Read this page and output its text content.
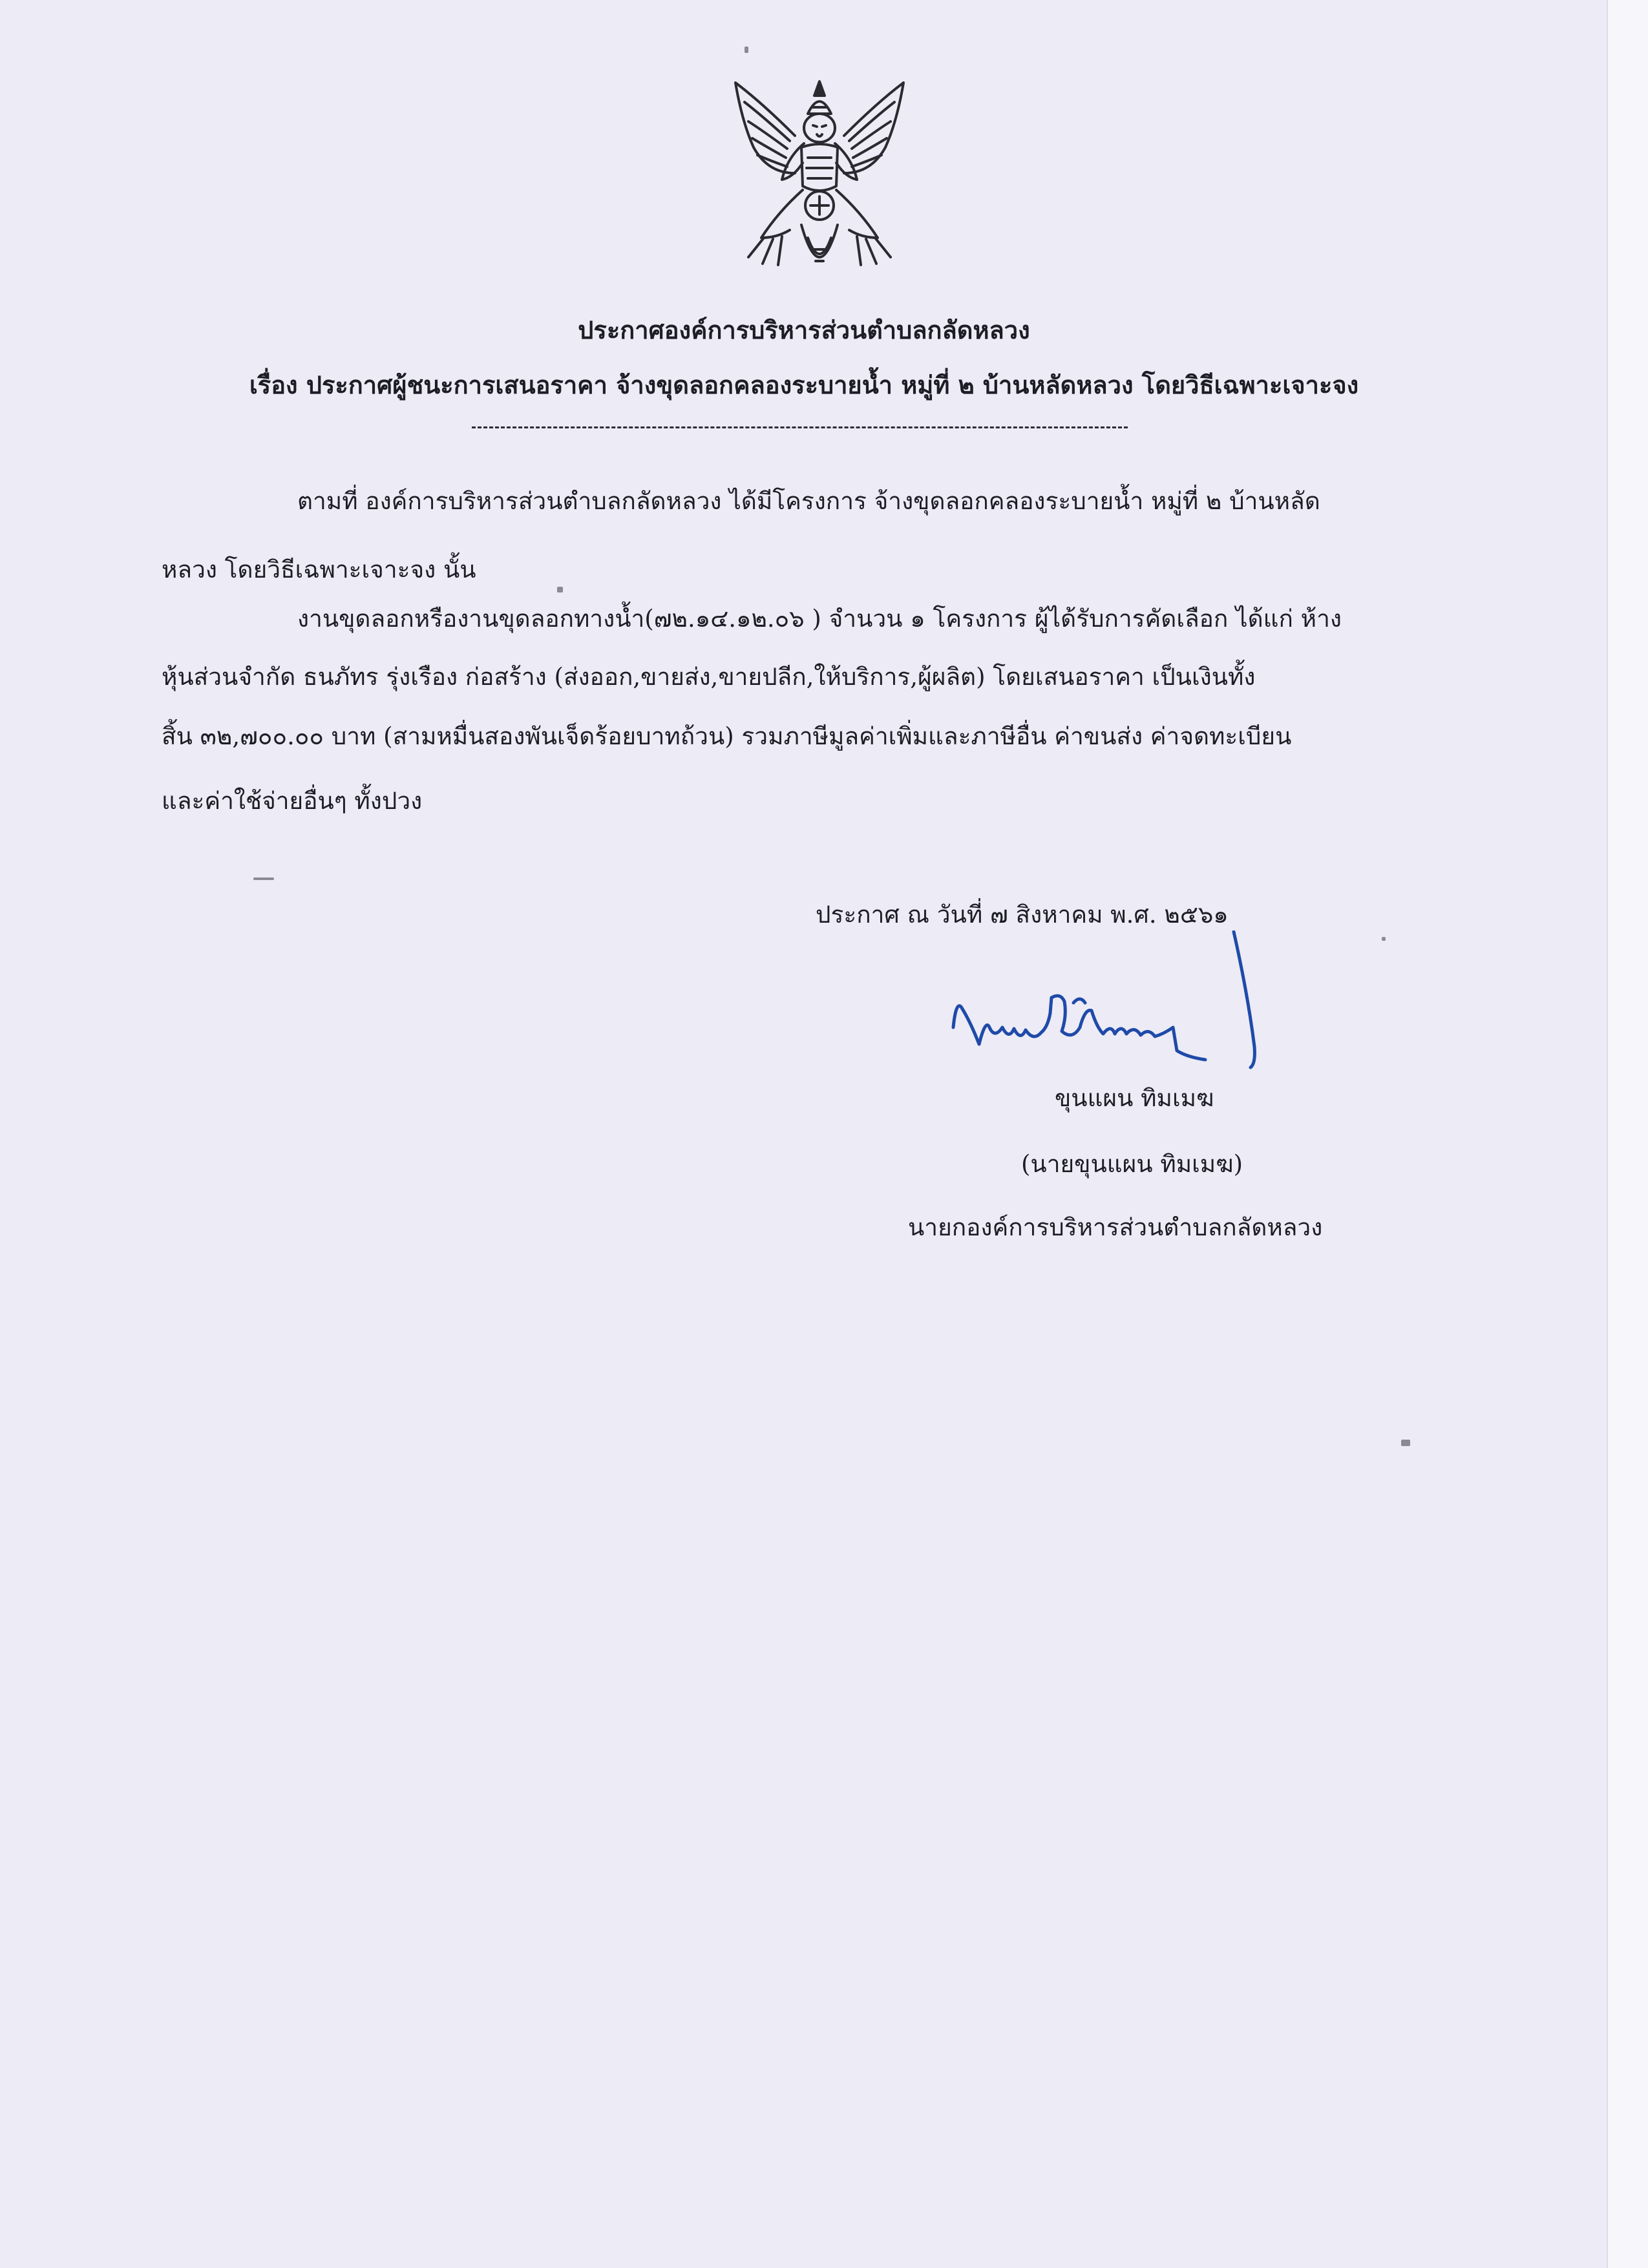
ประกาศองค์การบริหารส่วนตำบลกลัดหลวง
เรื่อง ประกาศผู้ชนะการเสนอราคา จ้างขุดลอกคลองระบายน้ำ หมู่ที่ ๒ บ้านหลัดหลวง โดยวิธีเฉพาะเจาะจง
ตามที่ องค์การบริหารส่วนตำบลกลัดหลวง ได้มีโครงการ จ้างขุดลอกคลองระบายน้ำ หมู่ที่ ๒ บ้านหลัด
หลวง โดยวิธีเฉพาะเจาะจง นั้น
งานขุดลอกหรืองานขุดลอกทางน้ำ(๗๒.๑๔.๑๒.๐๖ ) จำนวน ๑ โครงการ ผู้ได้รับการคัดเลือก ได้แก่ ห้าง
หุ้นส่วนจำกัด ธนภัทร รุ่งเรือง ก่อสร้าง (ส่งออก,ขายส่ง,ขายปลีก,ให้บริการ,ผู้ผลิต) โดยเสนอราคา เป็นเงินทั้ง
สิ้น ๓๒,๗๐๐.๐๐ บาท (สามหมื่นสองพันเจ็ดร้อยบาทถ้วน) รวมภาษีมูลค่าเพิ่มและภาษีอื่น ค่าขนส่ง ค่าจดทะเบียน
และค่าใช้จ่ายอื่นๆ ทั้งปวง
ประกาศ ณ วันที่ ๗ สิงหาคม พ.ศ. ๒๕๖๑
ขุนแผน ทิมเมฆ
(นายขุนแผน ทิมเมฆ)
นายกองค์การบริหารส่วนตำบลกลัดหลวง
